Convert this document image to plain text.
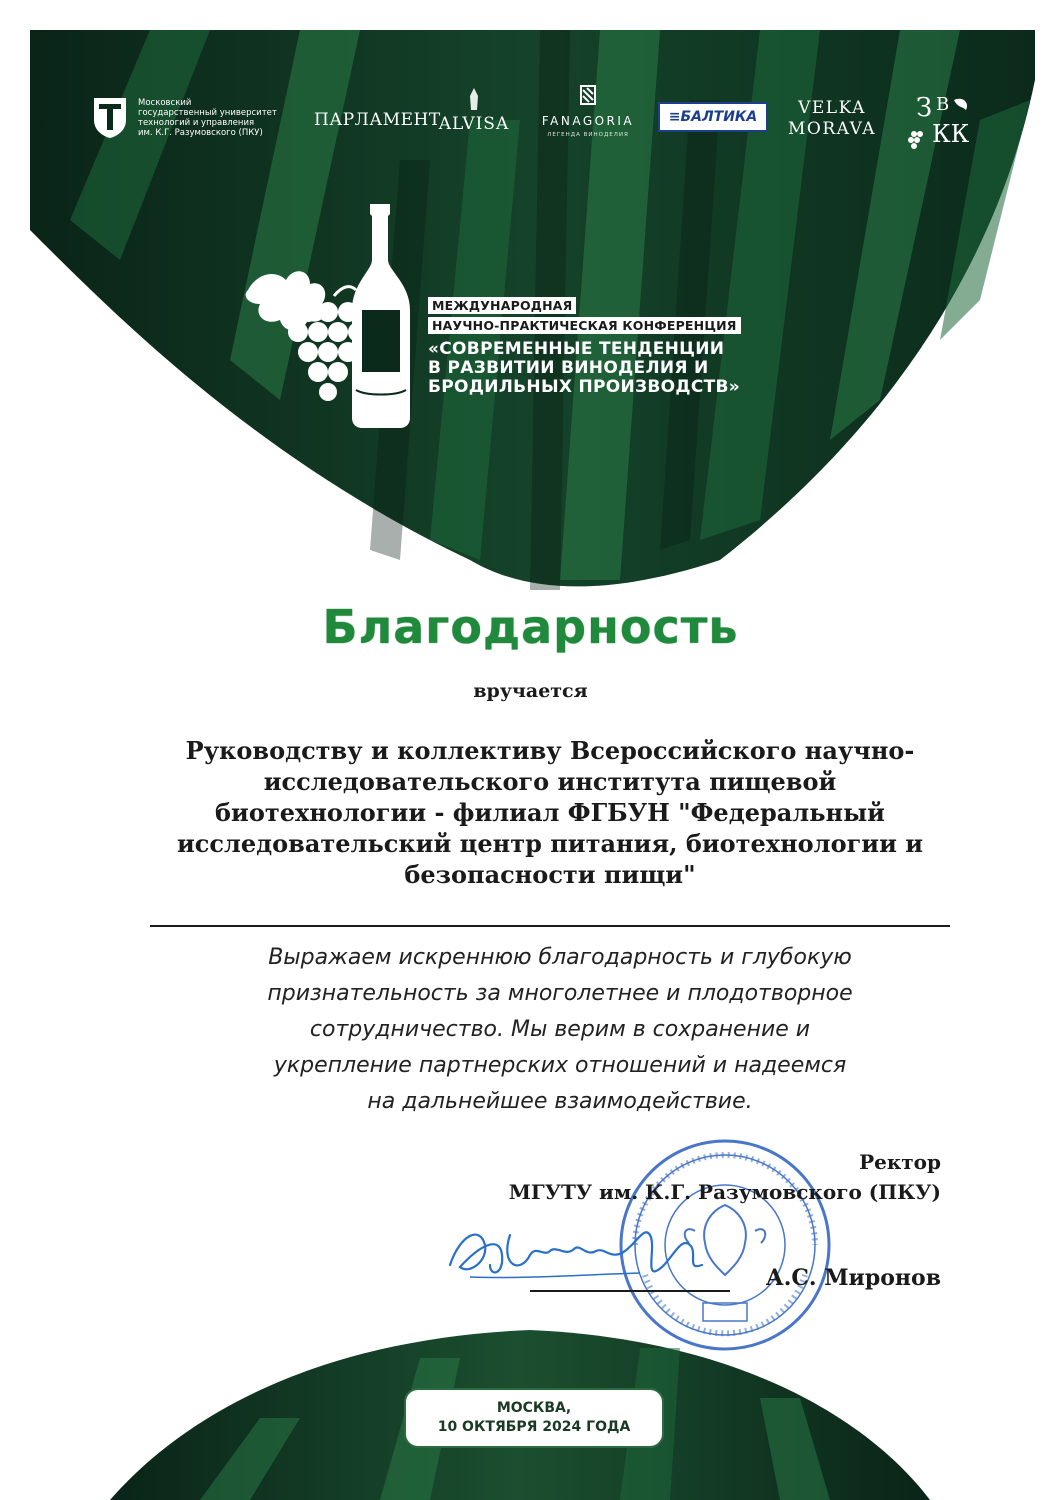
Московский
государственный университет
технологий и управления
им. К.Г. Разумовского (ПКУ)
ПАРЛАМЕНТ
ALVISA	FANAGORIA
ЛЕГЕНДА ВИНОДЕЛИЯ
≡БАЛТИКА	VELKA
MORAVA
З В
КК
МЕЖДУНАРОДНАЯ
НАУЧНО-ПРАКТИЧЕСКАЯ КОНФЕРЕНЦИЯ
«СОВРЕМЕННЫЕ ТЕНДЕНЦИИ
В РАЗВИТИИ ВИНОДЕЛИЯ И
БРОДИЛЬНЫХ ПРОИЗВОДСТВ»
Благодарность
вручается
Руководству и коллективу Всероссийского научно-
исследовательского института пищевой
биотехнологии - филиал ФГБУН "Федеральный
исследовательский центр питания, биотехнологии и
безопасности пищи"
Выражаем искреннюю благодарность и глубокую
признательность за многолетнее и плодотворное
сотрудничество. Мы верим в сохранение и
укрепление партнерских отношений и надеемся
на дальнейшее взаимодействие.
Ректор
МГУТУ им. К.Г. Разумовского (ПКУ)
А.С. Миронов
МОСКВА,
10 ОКТЯБРЯ 2024 ГОДА
